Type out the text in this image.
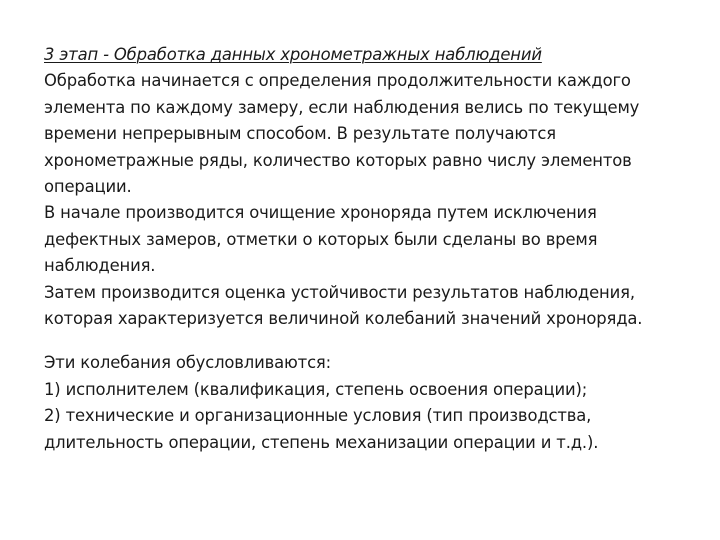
3 этап - Обработка данных хронометражных наблюдений

Обработка начинается с определения продолжительности каждого элемента по каждому замеру, если наблюдения велись по текущему времени непрерывным способом. В результате получаются хронометражные ряды, количество которых равно числу элементов операции.

В начале производится очищение хроноряда путем исключения дефектных замеров, отметки о которых были сделаны во время наблюдения.

Затем производится оценка устойчивости результатов наблюдения, которая характеризуется величиной колебаний значений хроноряда.

Эти колебания обусловливаются:

1) исполнителем (квалификация, степень освоения операции);

2) технические и организационные условия (тип производства, длительность операции, степень механизации операции и т.д.).
